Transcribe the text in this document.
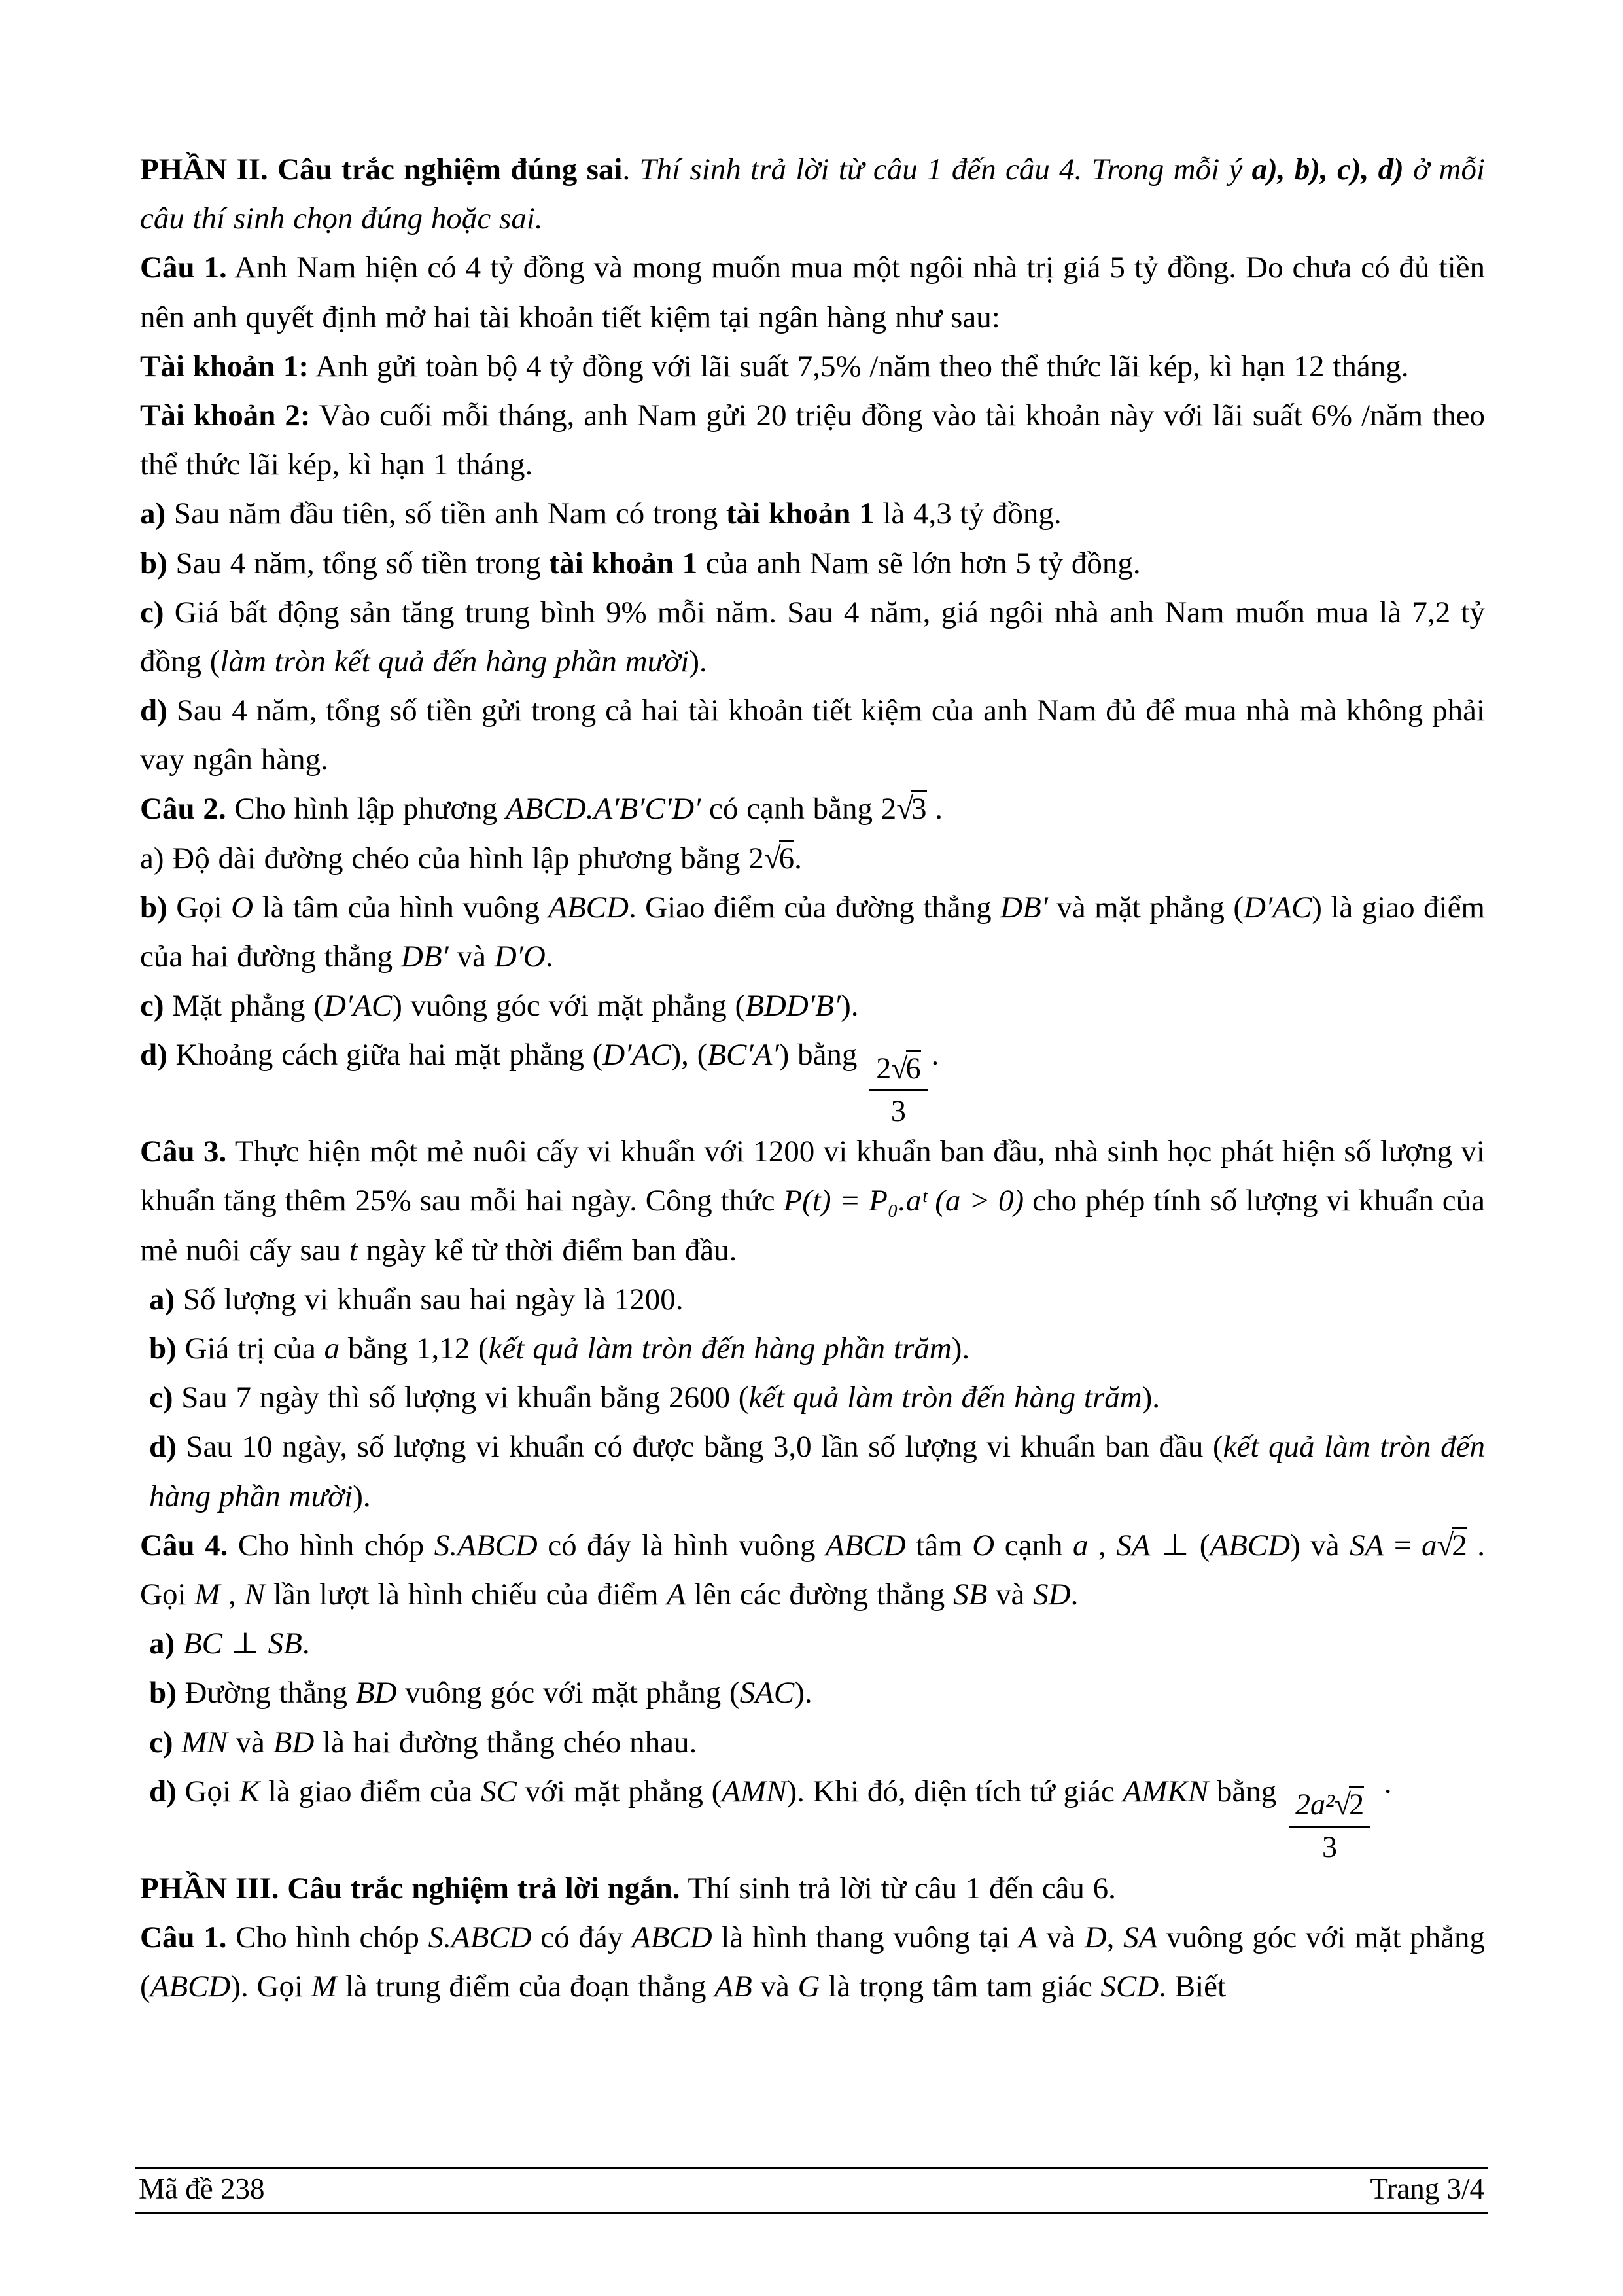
PHẦN II. Câu trắc nghiệm đúng sai. Thí sinh trả lời từ câu 1 đến câu 4. Trong mỗi ý a), b), c), d) ở mỗi câu thí sinh chọn đúng hoặc sai.

Câu 1. Anh Nam hiện có 4 tỷ đồng và mong muốn mua một ngôi nhà trị giá 5 tỷ đồng. Do chưa có đủ tiền nên anh quyết định mở hai tài khoản tiết kiệm tại ngân hàng như sau:

Tài khoản 1: Anh gửi toàn bộ 4 tỷ đồng với lãi suất 7,5% /năm theo thể thức lãi kép, kì hạn 12 tháng.

Tài khoản 2: Vào cuối mỗi tháng, anh Nam gửi 20 triệu đồng vào tài khoản này với lãi suất 6% /năm theo thể thức lãi kép, kì hạn 1 tháng.

a) Sau năm đầu tiên, số tiền anh Nam có trong tài khoản 1 là 4,3 tỷ đồng.

b) Sau 4 năm, tổng số tiền trong tài khoản 1 của anh Nam sẽ lớn hơn 5 tỷ đồng.

c) Giá bất động sản tăng trung bình 9% mỗi năm. Sau 4 năm, giá ngôi nhà anh Nam muốn mua là 7,2 tỷ đồng (làm tròn kết quả đến hàng phần mười).

d) Sau 4 năm, tổng số tiền gửi trong cả hai tài khoản tiết kiệm của anh Nam đủ để mua nhà mà không phải vay ngân hàng.

Câu 2. Cho hình lập phương ABCD.A′B′C′D′ có cạnh bằng 2√3 .

a) Độ dài đường chéo của hình lập phương bằng 2√6.

b) Gọi O là tâm của hình vuông ABCD. Giao điểm của đường thẳng DB′ và mặt phẳng (D′AC) là giao điểm của hai đường thẳng DB′ và D′O.

c) Mặt phẳng (D′AC) vuông góc với mặt phẳng (BDD′B′).

d) Khoảng cách giữa hai mặt phẳng (D′AC), (BC′A′) bằng $\frac{2√6}{3}$ .

Câu 3. Thực hiện một mẻ nuôi cấy vi khuẩn với 1200 vi khuẩn ban đầu, nhà sinh học phát hiện số lượng vi khuẩn tăng thêm 25% sau mỗi hai ngày. Công thức P(t) = P₀.aᵗ (a > 0) cho phép tính số lượng vi khuẩn của mẻ nuôi cấy sau t ngày kể từ thời điểm ban đầu.

a) Số lượng vi khuẩn sau hai ngày là 1200.

b) Giá trị của a bằng 1,12 (kết quả làm tròn đến hàng phần trăm).

c) Sau 7 ngày thì số lượng vi khuẩn bằng 2600 (kết quả làm tròn đến hàng trăm).

d) Sau 10 ngày, số lượng vi khuẩn có được bằng 3,0 lần số lượng vi khuẩn ban đầu (kết quả làm tròn đến hàng phần mười).

Câu 4. Cho hình chóp S.ABCD có đáy là hình vuông ABCD tâm O cạnh a , SA ⊥ (ABCD) và SA = a√2 . Gọi M , N lần lượt là hình chiếu của điểm A lên các đường thẳng SB và SD.

a) BC ⊥ SB.

b) Đường thẳng BD vuông góc với mặt phẳng (SAC).

c) MN và BD là hai đường thẳng chéo nhau.

d) Gọi K là giao điểm của SC với mặt phẳng (AMN). Khi đó, diện tích tứ giác AMKN bằng $\frac{\text{2a²√2}}{3}$ ·

PHẦN III. Câu trắc nghiệm trả lời ngắn. Thí sinh trả lời từ câu 1 đến câu 6.

Câu 1. Cho hình chóp S.ABCD có đáy ABCD là hình thang vuông tại A và D, SA vuông góc với mặt phẳng (ABCD). Gọi M là trung điểm của đoạn thẳng AB và G là trọng tâm tam giác SCD. Biết

Mã đề 238	Trang 3/4
